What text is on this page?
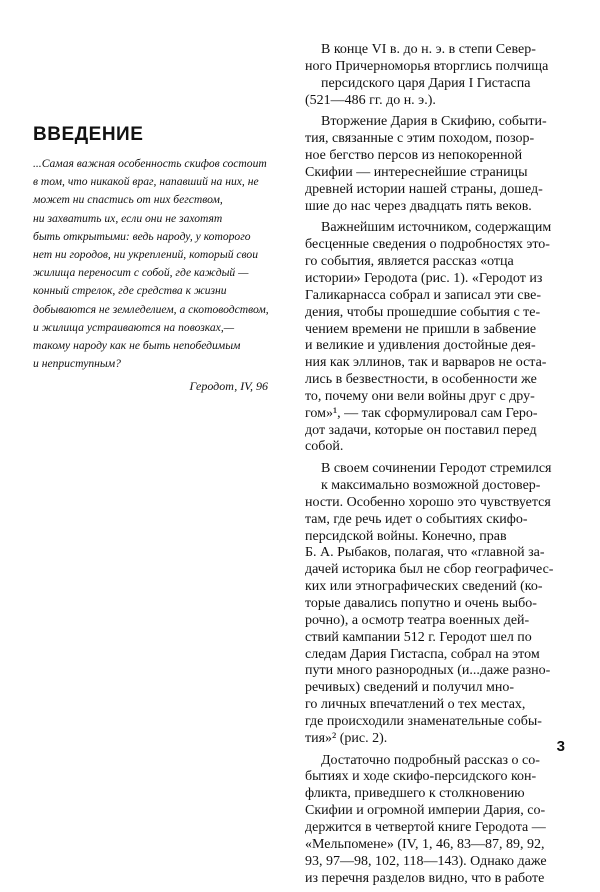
ВВЕДЕНИЕ
...Самая важная особенность скифов состоит
в том, что никакой враг, напавший на них, не
может ни спастись от них бегством,
ни захватить их, если они не захотят
быть открытыми: ведь народу, у которого
нет ни городов, ни укреплений, который свои
жилища переносит с собой, где каждый —
конный стрелок, где средства к жизни
добываются не земледелием, а скотоводством,
и жилища устраиваются на повозках,—
такому народу как не быть непобедимым
и неприступным?
Геродот, IV, 96

В конце VI в. до н. э. в степи Север-
ного Причерноморья вторглись полчища
персидского царя Дария I Гистаспа
(521—486 гг. до н. э.).

Вторжение Дария в Скифию, событи-
тия, связанные с этим походом, позор-
ное бегство персов из непокоренной
Скифии — интереснейшие страницы
древней истории нашей страны, дошед-
шие до нас через двадцать пять веков.

Важнейшим источником, содержащим
бесценные сведения о подробностях это-
го события, является рассказ «отца
истории» Геродота (рис. 1). «Геродот из
Галикарнасса собрал и записал эти све-
дения, чтобы прошедшие события с те-
чением времени не пришли в забвение
и великие и удивления достойные дея-
ния как эллинов, так и варваров не оста-
лись в безвестности, в особенности же
то, почему они вели войны друг с дру-
гом»¹, — так сформулировал сам Геро-
дот задачи, которые он поставил перед
собой.

В своем сочинении Геродот стремился
к максимально возможной достовер-
ности. Особенно хорошо это чувствуется
там, где речь идет о событиях скифо-
персидской войны. Конечно, прав
Б. А. Рыбаков, полагая, что «главной за-
дачей историка был не сбор географичес-
ких или этнографических сведений (ко-
торые давались попутно и очень выбо-
рочно), а осмотр театра военных дей-
ствий кампании 512 г. Геродот шел по
следам Дария Гистаспа, собрал на этом
пути много разнородных (и...даже разно-
речивых) сведений и получил мно-
го личных впечатлений о тех местах,
где происходили знаменательные собы-
тия»² (рис. 2).

Достаточно подробный рассказ о со-
бытиях и ходе скифо-персидского кон-
фликта, приведшего к столкновению
Скифии и огромной империи Дария, со-
держится в четвертой книге Геродота —
«Мельпомене» (IV, 1, 46, 83—87, 89, 92,
93, 97—98, 102, 118—143). Однако даже
из перечня разделов видно, что в работе

3
